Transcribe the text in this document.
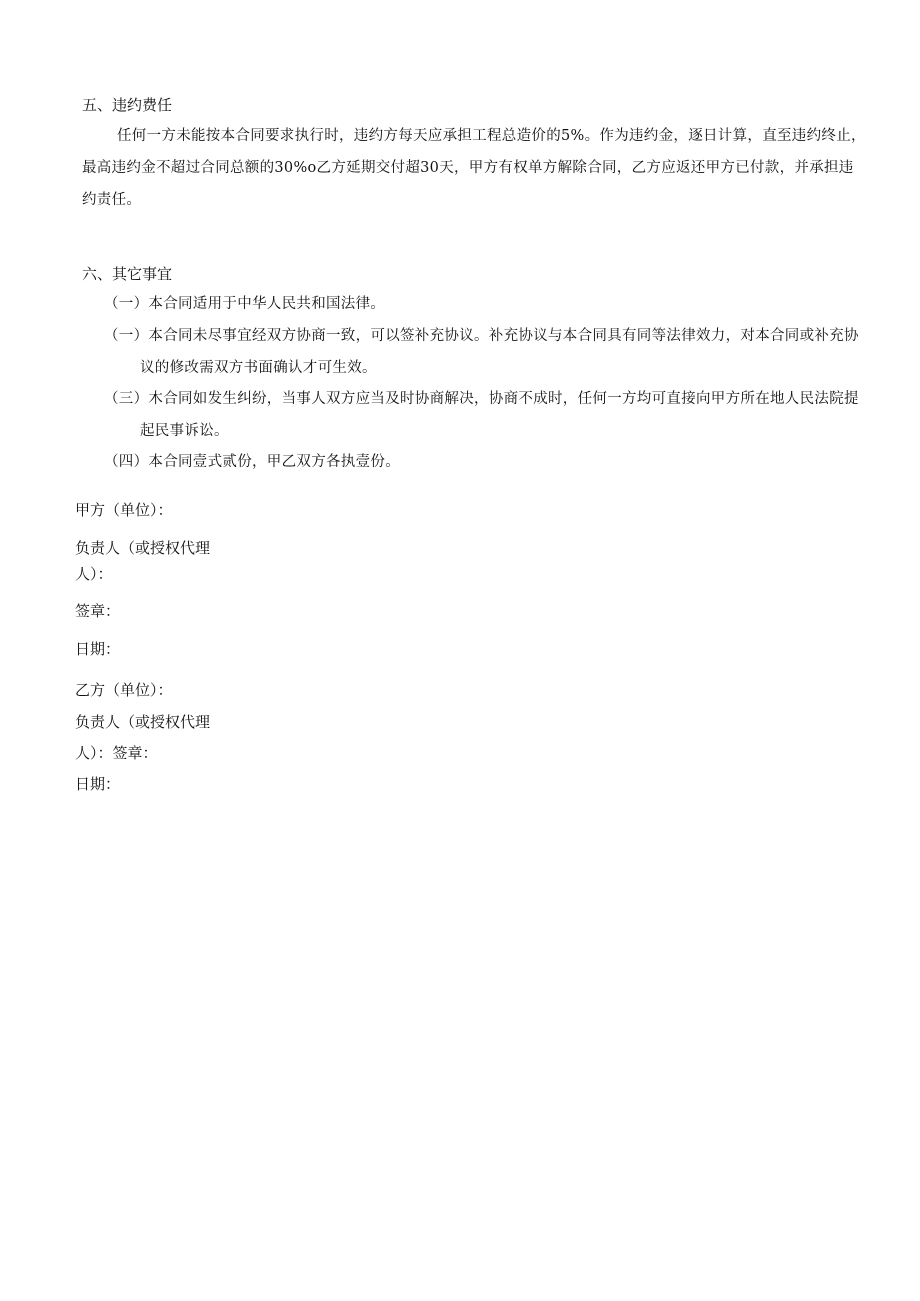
五、违约费任
任何一方未能按本合同要求执行时，违约方每天应承担工程总造价的5%。作为违约金，逐日计算，直至违约终止，
最高违约金不超过合同总额的30%o乙方延期交付超30天，甲方有权单方解除合同，乙方应返还甲方已付款，并承担违
约责任。
六、其它事宜
（一）本合同适用于中华人民共和国法律。
（一）本合同未尽事宜经双方协商一致，可以签补充协议。补充协议与本合同具有同等法律效力，对本合同或补充协
议的修改需双方书面确认才可生效。
（三）木合同如发生纠纷，当事人双方应当及时协商解决，协商不成时，任何一方均可直接向甲方所在地人民法院提
起民事诉讼。
（四）本合同壹式贰份，甲乙双方各执壹份。
甲方（单位）：
负责人（或授权代理
人）：
签章：
日期：
乙方（单位）：
负责人（或授权代理
人）：签章：
日期：
